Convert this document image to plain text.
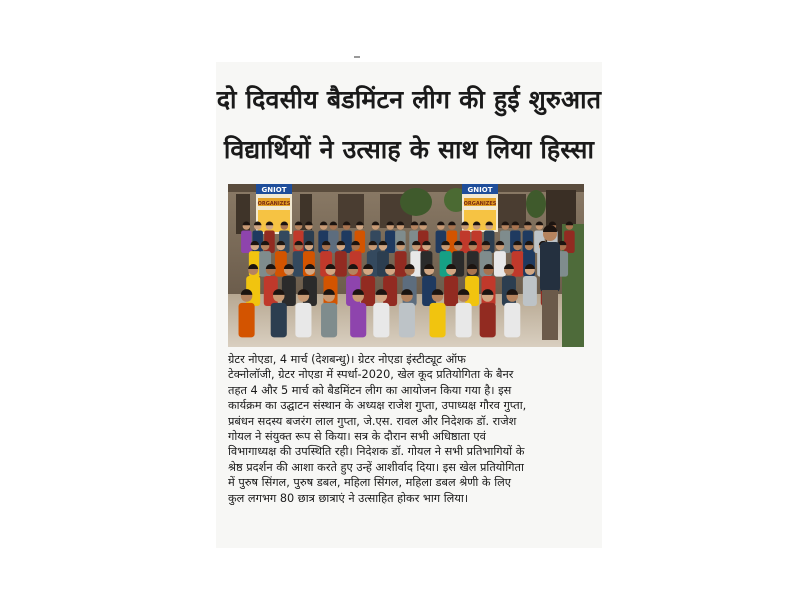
दो दिवसीय बैडमिंटन लीग की हुई शुरुआत
विद्यार्थियों ने उत्साह के साथ लिया हिस्सा
GNIOT
ORGANIZES
GNIOT
ORGANIZES
ग्रेटर नोएडा, 4 मार्च (देशबन्धु)। ग्रेटर नोएडा इंस्टीट्यूट ऑफ
टेक्नोलॉजी, ग्रेटर नोएडा में स्पर्धा-2020, खेल कूद प्रतियोगिता के बैनर
तहत 4 और 5 मार्च को बैडमिंटन लीग का आयोजन किया गया है। इस
कार्यक्रम का उद्घाटन संस्थान के अध्यक्ष राजेश गुप्ता, उपाध्यक्ष गौरव गुप्ता,
प्रबंधन सदस्य बजरंग लाल गुप्ता, जे.एस. रावल और निदेशक डॉ. राजेश
गोयल ने संयुक्त रूप से किया। सत्र के दौरान सभी अधिष्ठाता एवं
विभागाध्यक्ष की उपस्थिति रही। निदेशक डॉ. गोयल ने सभी प्रतिभागियों के
श्रेष्ठ प्रदर्शन की आशा करते हुए उन्हें आशीर्वाद दिया। इस खेल प्रतियोगिता
में पुरुष सिंगल, पुरुष डबल, महिला सिंगल, महिला डबल श्रेणी के लिए
कुल लगभग 80 छात्र छात्राएं ने उत्साहित होकर भाग लिया।
